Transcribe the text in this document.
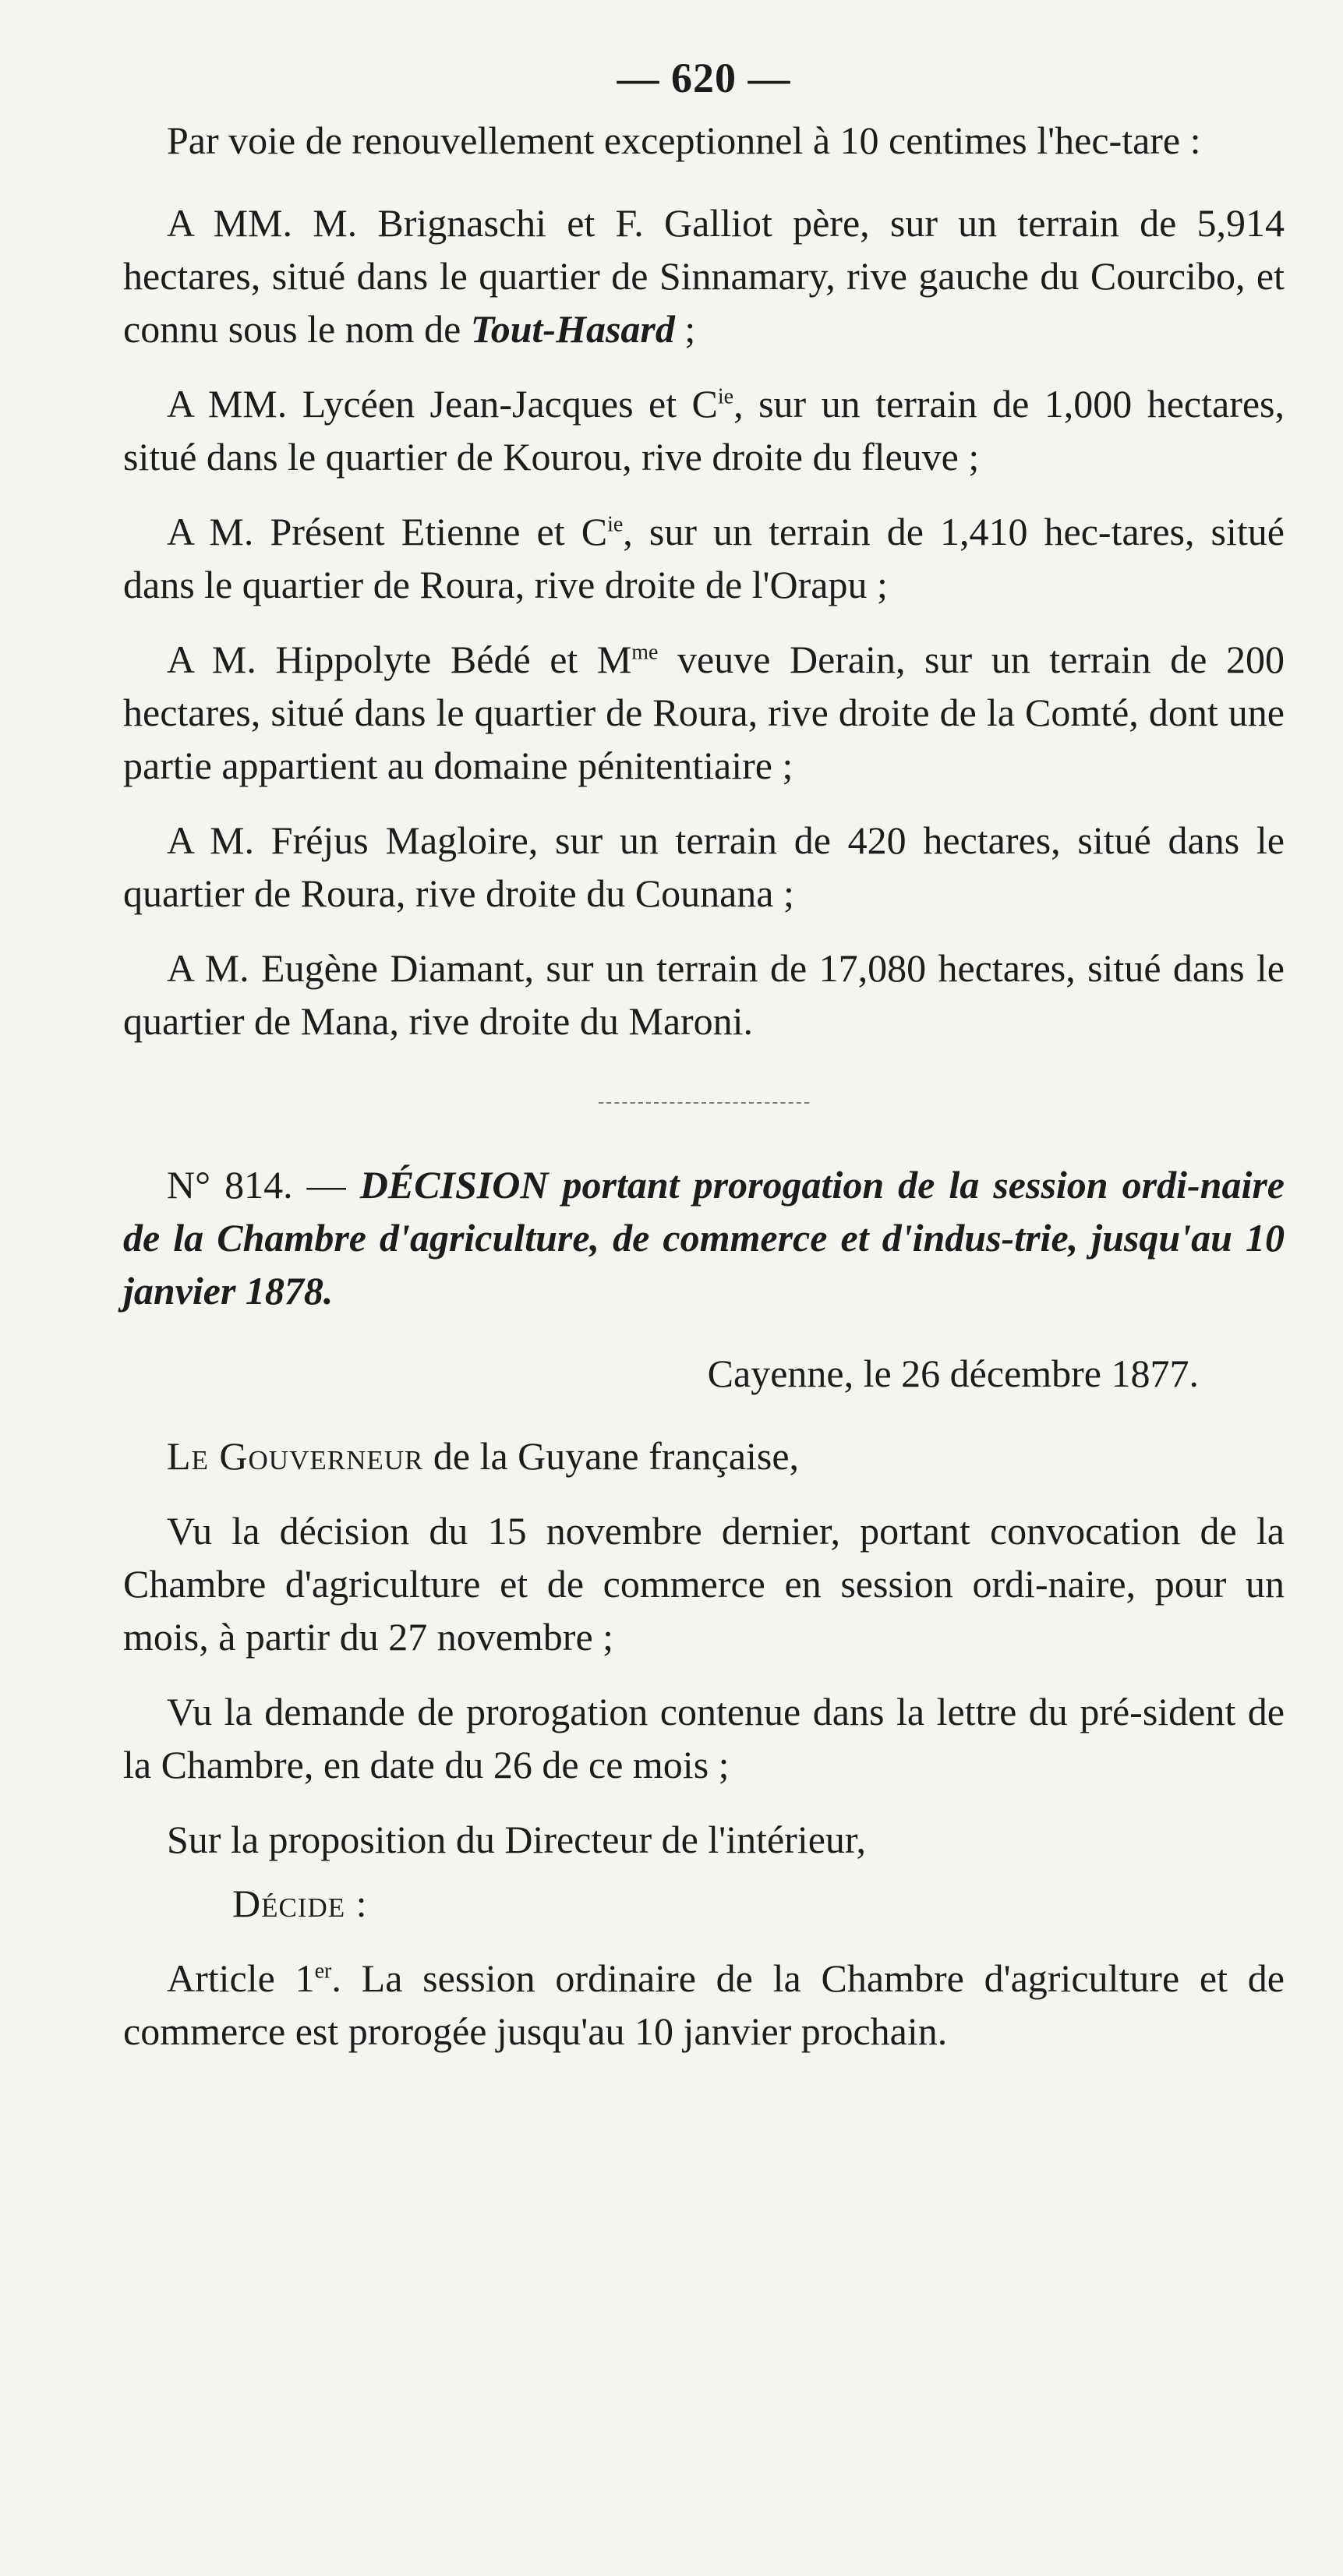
— 620 —

Par voie de renouvellement exceptionnel à 10 centimes l'hec-tare :

A MM. M. Brignaschi et F. Galliot père, sur un terrain de 5,914 hectares, situé dans le quartier de Sinnamary, rive gauche du Courcibo, et connu sous le nom de Tout-Hasard ;

A MM. Lycéen Jean-Jacques et $C^{ie}$, sur un terrain de 1,000 hectares, situé dans le quartier de Kourou, rive droite du fleuve ;

A M. Présent Etienne et $C^{ie}$, sur un terrain de 1,410 hec-tares, situé dans le quartier de Roura, rive droite de l'Orapu ;

A M. Hippolyte Bédé et $M^{me}$ veuve Derain, sur un terrain de 200 hectares, situé dans le quartier de Roura, rive droite de la Comté, dont une partie appartient au domaine pénitentiaire ;

A M. Fréjus Magloire, sur un terrain de 420 hectares, situé dans le quartier de Roura, rive droite du Counana ;

A M. Eugène Diamant, sur un terrain de 17,080 hectares, situé dans le quartier de Mana, rive droite du Maroni.

N° 814. — DÉCISION portant prorogation de la session ordi-naire de la Chambre d'agriculture, de commerce et d'indus-trie, jusqu'au 10 janvier 1878.

Cayenne, le 26 décembre 1877.

Le Gouverneur de la Guyane française,

Vu la décision du 15 novembre dernier, portant convocation de la Chambre d'agriculture et de commerce en session ordi-naire, pour un mois, à partir du 27 novembre ;

Vu la demande de prorogation contenue dans la lettre du pré-sident de la Chambre, en date du 26 de ce mois ;

Sur la proposition du Directeur de l'intérieur,

Décide :

Article 1er. La session ordinaire de la Chambre d'agriculture et de commerce est prorogée jusqu'au 10 janvier prochain.
